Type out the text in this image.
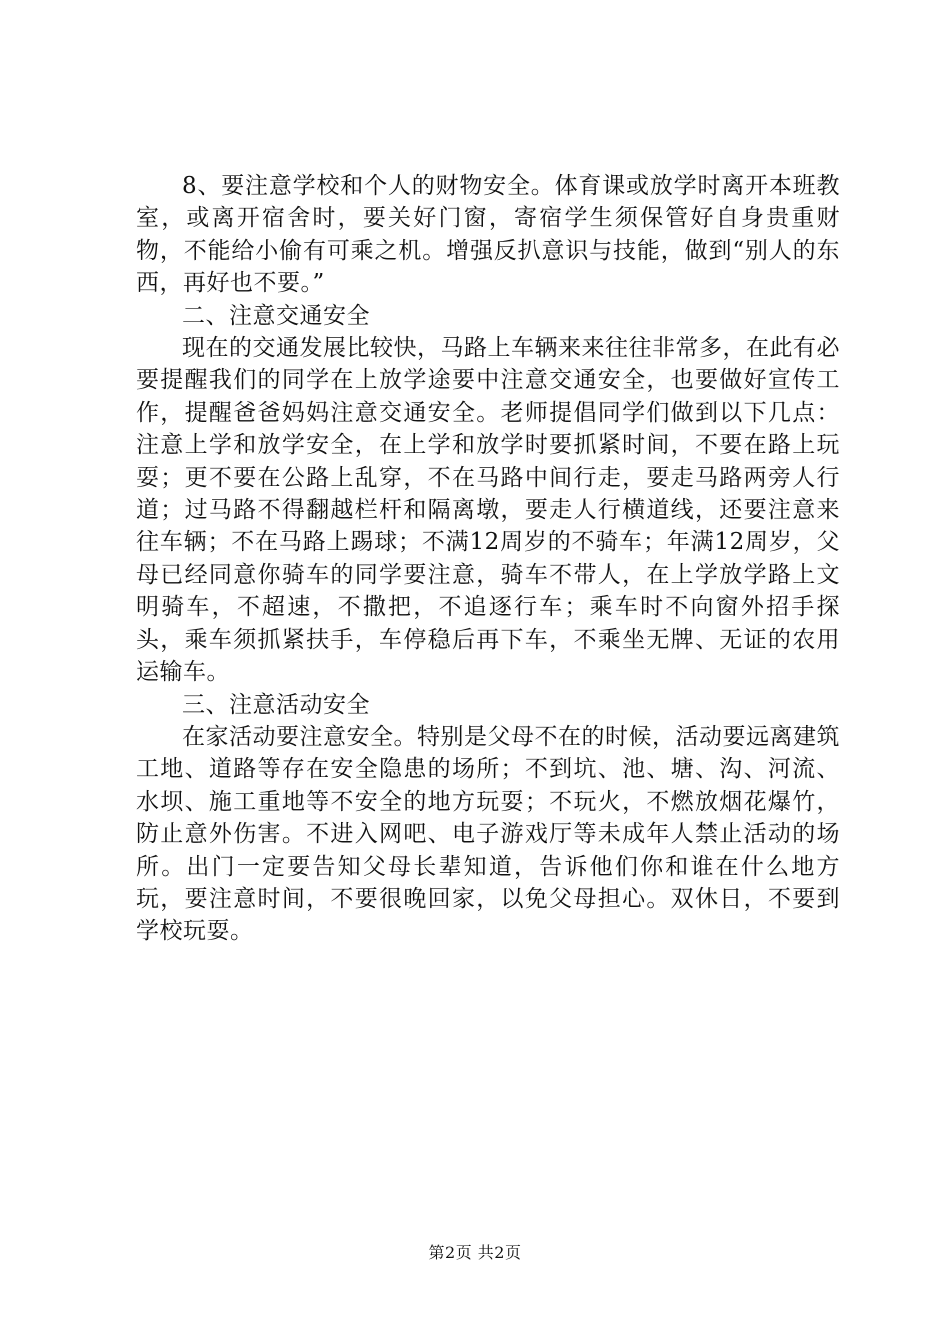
8、要注意学校和个人的财物安全。体育课或放学时离开本班教室，或离开宿舍时，要关好门窗，寄宿学生须保管好自身贵重财物，不能给小偷有可乘之机。增强反扒意识与技能，做到“别人的东西，再好也不要。”

二、注意交通安全

现在的交通发展比较快，马路上车辆来来往往非常多，在此有必要提醒我们的同学在上放学途要中注意交通安全，也要做好宣传工作，提醒爸爸妈妈注意交通安全。老师提倡同学们做到以下几点：注意上学和放学安全，在上学和放学时要抓紧时间，不要在路上玩耍；更不要在公路上乱穿，不在马路中间行走，要走马路两旁人行道；过马路不得翻越栏杆和隔离墩，要走人行横道线，还要注意来往车辆；不在马路上踢球；不满12周岁的不骑车；年满12周岁，父母已经同意你骑车的同学要注意，骑车不带人，在上学放学路上文明骑车，不超速，不撒把，不追逐行车；乘车时不向窗外招手探头，乘车须抓紧扶手，车停稳后再下车，不乘坐无牌、无证的农用运输车。

三、注意活动安全

在家活动要注意安全。特别是父母不在的时候，活动要远离建筑工地、道路等存在安全隐患的场所；不到坑、池、塘、沟、河流、水坝、施工重地等不安全的地方玩耍；不玩火，不燃放烟花爆竹，防止意外伤害。不进入网吧、电子游戏厅等未成年人禁止活动的场所。出门一定要告知父母长辈知道，告诉他们你和谁在什么地方玩，要注意时间，不要很晚回家，以免父母担心。双休日，不要到学校玩耍。

第2页 共2页
